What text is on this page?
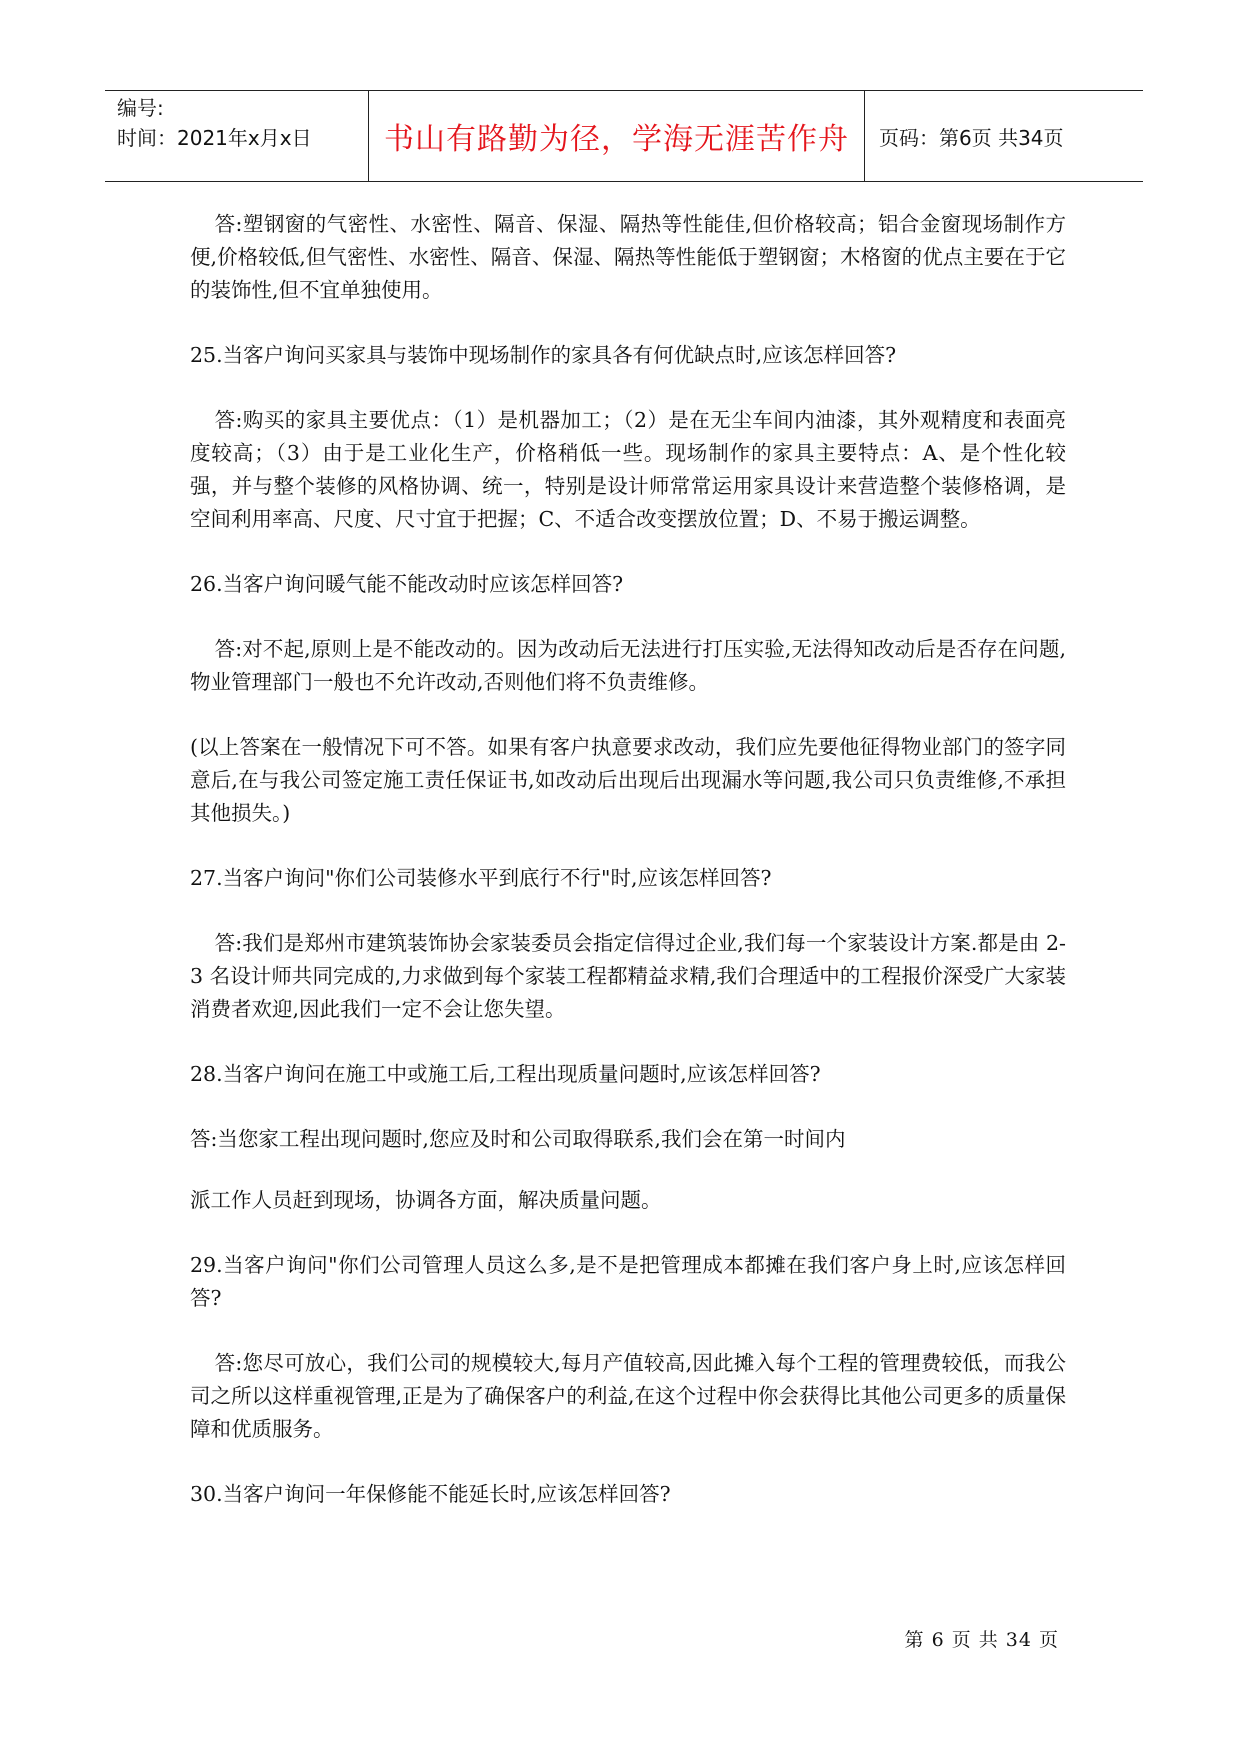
编号:
时间：2021年x月x日	书山有路勤为径，学海无涯苦作舟	页码：第6页 共34页

答:塑钢窗的气密性、水密性、隔音、保湿、隔热等性能佳,但价格较高；铝合金窗现场制作方便,价格较低,但气密性、水密性、隔音、保湿、隔热等性能低于塑钢窗；木格窗的优点主要在于它的装饰性,但不宜单独使用。

25.当客户询问买家具与装饰中现场制作的家具各有何优缺点时,应该怎样回答?

答:购买的家具主要优点：（1）是机器加工；（2）是在无尘车间内油漆，其外观精度和表面亮度较高；（3）由于是工业化生产，价格稍低一些。现场制作的家具主要特点：A、是个性化较强，并与整个装修的风格协调、统一，特别是设计师常常运用家具设计来营造整个装修格调，是空间利用率高、尺度、尺寸宜于把握；C、不适合改变摆放位置；D、不易于搬运调整。

26.当客户询问暖气能不能改动时应该怎样回答?

答:对不起,原则上是不能改动的。因为改动后无法进行打压实验,无法得知改动后是否存在问题,物业管理部门一般也不允许改动,否则他们将不负责维修。

(以上答案在一般情况下可不答。如果有客户执意要求改动，我们应先要他征得物业部门的签字同意后,在与我公司签定施工责任保证书,如改动后出现后出现漏水等问题,我公司只负责维修,不承担其他损失。)

27.当客户询问"你们公司装修水平到底行不行"时,应该怎样回答?

答:我们是郑州市建筑装饰协会家装委员会指定信得过企业,我们每一个家装设计方案.都是由 2-3 名设计师共同完成的,力求做到每个家装工程都精益求精,我们合理适中的工程报价深受广大家装消费者欢迎,因此我们一定不会让您失望。

28.当客户询问在施工中或施工后,工程出现质量问题时,应该怎样回答?

答:当您家工程出现问题时,您应及时和公司取得联系,我们会在第一时间内

派工作人员赶到现场，协调各方面，解决质量问题。

29.当客户询问"你们公司管理人员这么多,是不是把管理成本都摊在我们客户身上时,应该怎样回答?

答:您尽可放心，我们公司的规模较大,每月产值较高,因此摊入每个工程的管理费较低，而我公司之所以这样重视管理,正是为了确保客户的利益,在这个过程中你会获得比其他公司更多的质量保障和优质服务。

30.当客户询问一年保修能不能延长时,应该怎样回答?

第 6 页 共 34 页
